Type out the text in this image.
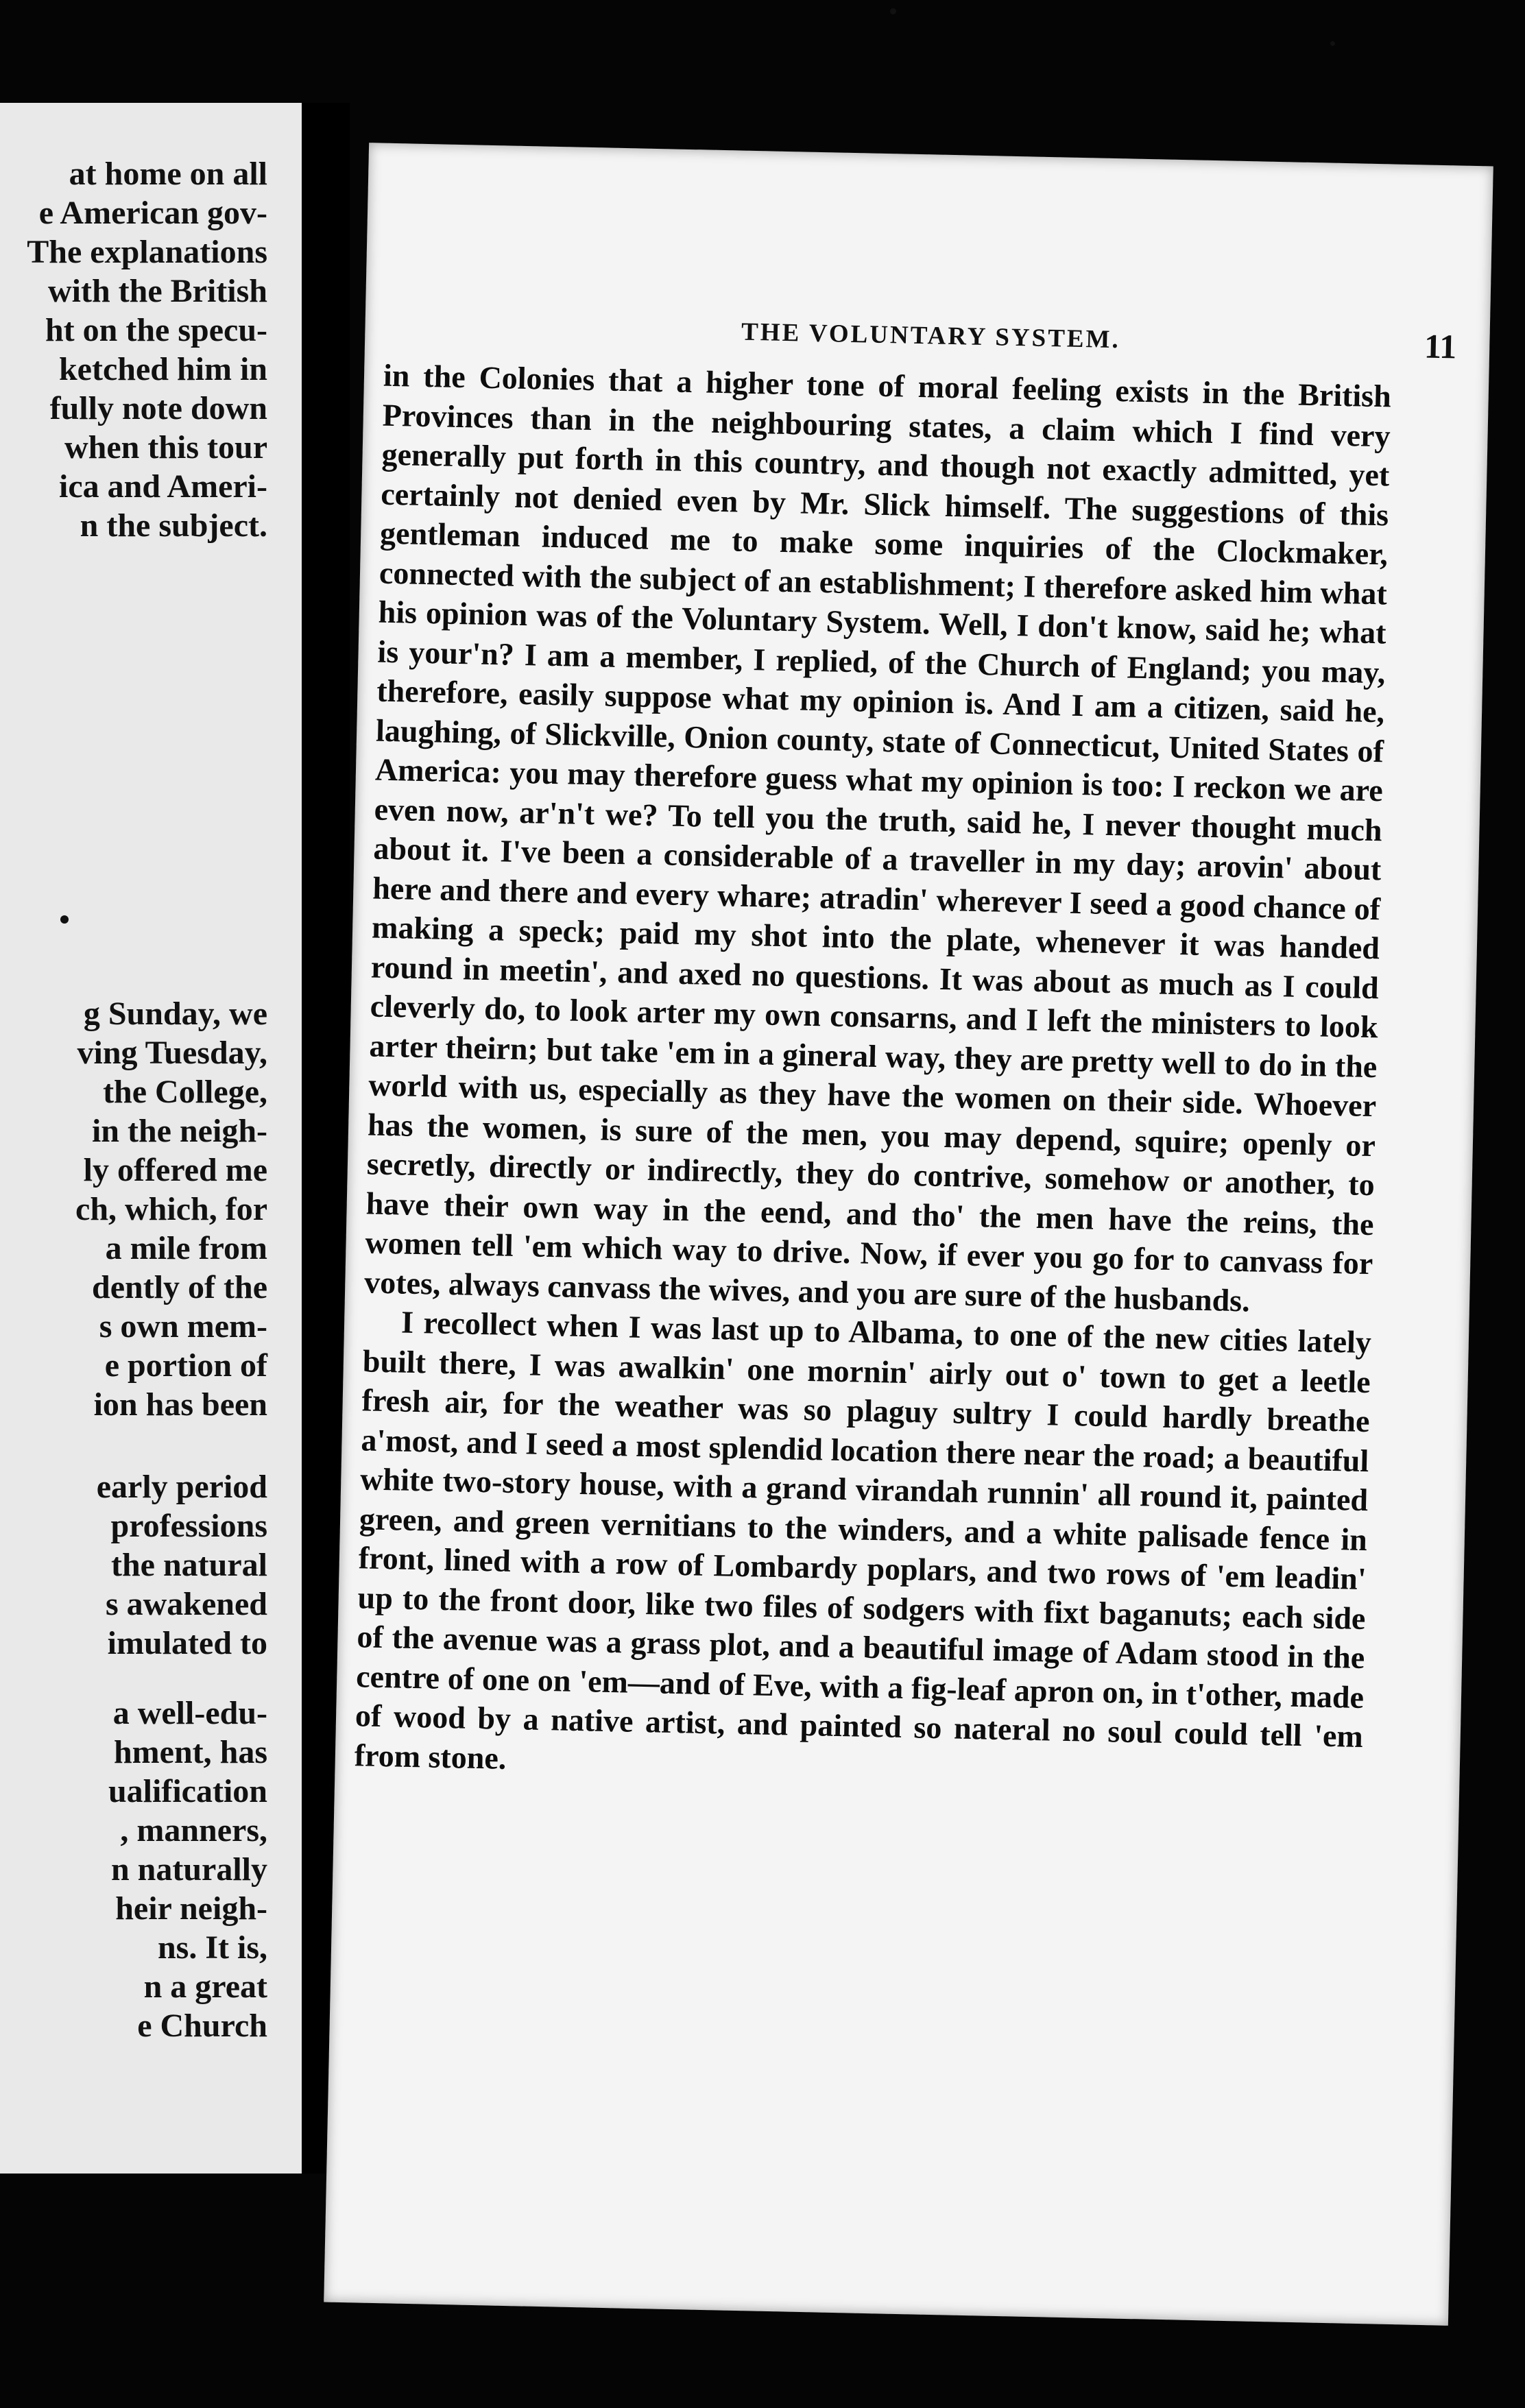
at home on all
e American gov-
The explanations
with the British
ht on the specu-
ketched him in
fully note down
when this tour
ica and Ameri-
n the subject.
g Sunday, we
ving Tuesday,
the College,
in the neigh-
ly offered me
ch, which, for
a mile from
dently of the
s own mem-
e portion of
ion has been
early period
professions
the natural
s awakened
imulated to
a well-edu-
hment, has
ualification
, manners,
n naturally
heir neigh-
ns. It is,
n a great
e Church
THE VOLUNTARY SYSTEM.	11

in the Colonies that a higher tone of moral feeling exists in the British Provinces than in the neighbouring states, a claim which I find very generally put forth in this country, and though not exactly admitted, yet certainly not denied even by Mr. Slick himself. The suggestions of this gentleman induced me to make some inquiries of the Clockmaker, connected with the subject of an establishment; I therefore asked him what his opinion was of the Voluntary System. Well, I don't know, said he; what is your'n? I am a member, I replied, of the Church of England; you may, therefore, easily suppose what my opinion is. And I am a citizen, said he, laughing, of Slickville, Onion county, state of Connecticut, United States of America: you may therefore guess what my opinion is too: I reckon we are even now, ar'n't we? To tell you the truth, said he, I never thought much about it. I've been a considerable of a traveller in my day; arovin' about here and there and every whare; atradin' wherever I seed a good chance of making a speck; paid my shot into the plate, whenever it was handed round in meetin', and axed no questions. It was about as much as I could cleverly do, to look arter my own consarns, and I left the ministers to look arter theirn; but take 'em in a gineral way, they are pretty well to do in the world with us, especially as they have the women on their side. Whoever has the women, is sure of the men, you may depend, squire; openly or secretly, directly or indirectly, they do contrive, somehow or another, to have their own way in the eend, and tho' the men have the reins, the women tell 'em which way to drive. Now, if ever you go for to canvass for votes, always canvass the wives, and you are sure of the husbands.

I recollect when I was last up to Albama, to one of the new cities lately built there, I was awalkin' one mornin' airly out o' town to get a leetle fresh air, for the weather was so plaguy sultry I could hardly breathe a'most, and I seed a most splendid location there near the road; a beautiful white two-story house, with a grand virandah runnin' all round it, painted green, and green vernitians to the winders, and a white palisade fence in front, lined with a row of Lombardy poplars, and two rows of 'em leadin' up to the front door, like two files of sodgers with fixt baganuts; each side of the avenue was a grass plot, and a beautiful image of Adam stood in the centre of one on 'em—and of Eve, with a fig-leaf apron on, in t'other, made of wood by a native artist, and painted so nateral no soul could tell 'em from stone.
